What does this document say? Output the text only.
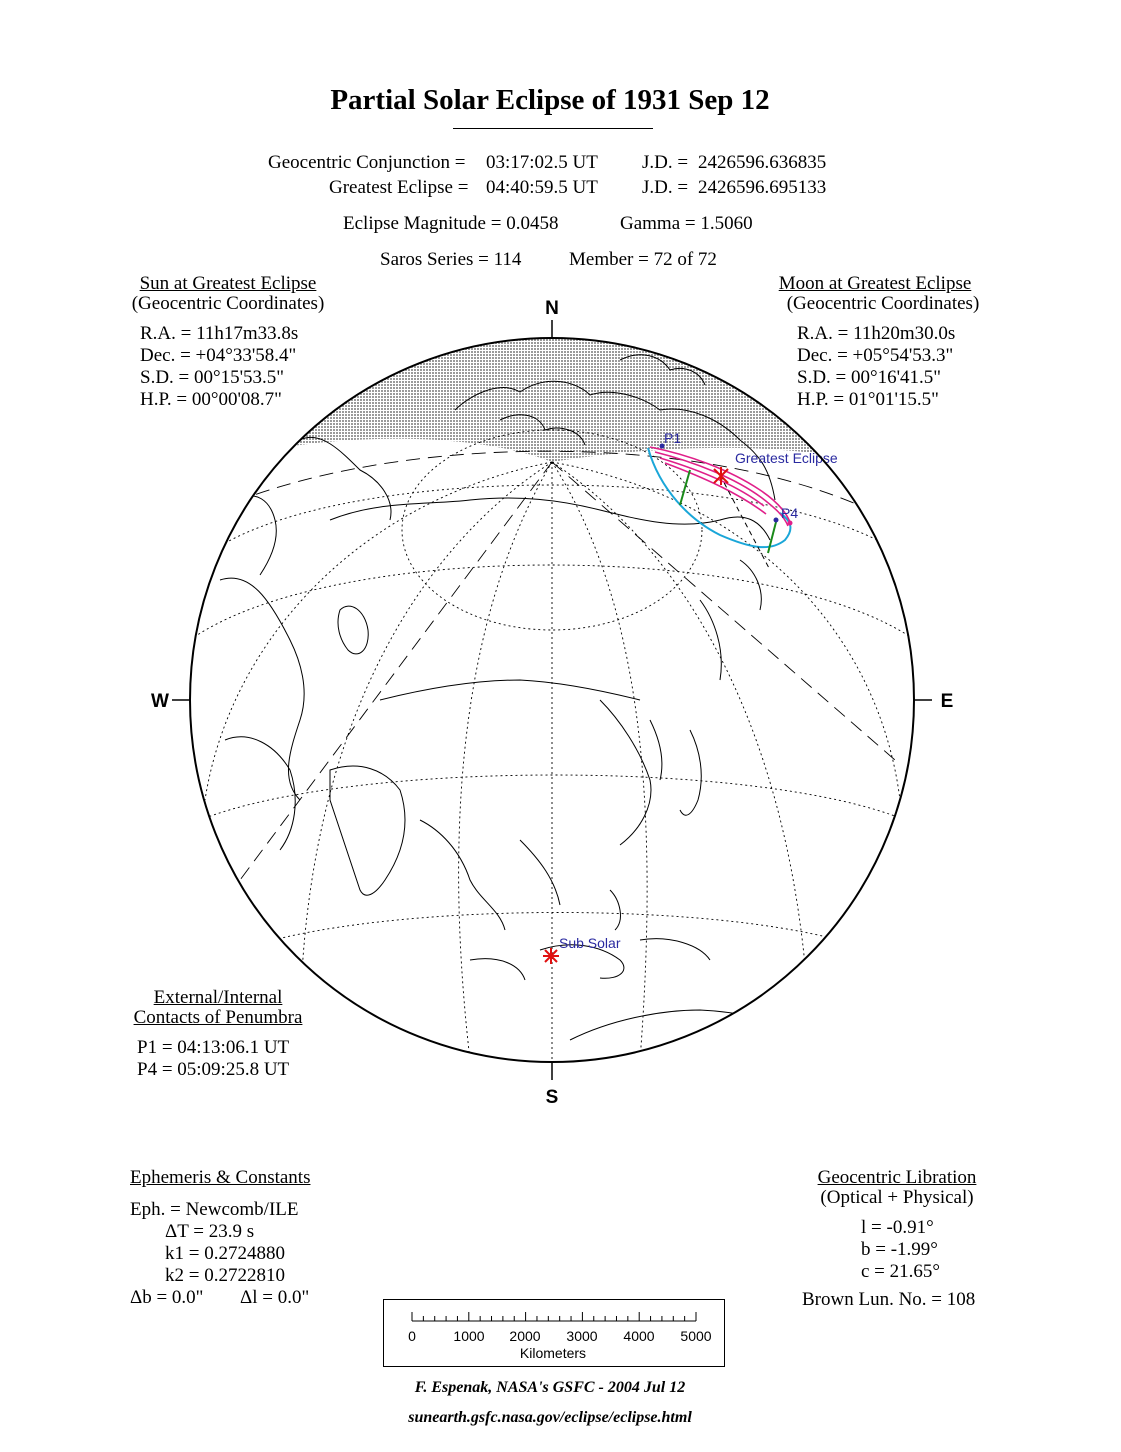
Partial Solar Eclipse of 1931 Sep 12
Geocentric Conjunction = 03:17:02.5 UT J.D. = 2426596.636835
Greatest Eclipse = 04:40:59.5 UT J.D. = 2426596.695133
Eclipse Magnitude = 0.0458	Gamma = 1.5060
Saros Series = 114	Member = 72 of 72
Sun at Greatest Eclipse
(Geocentric Coordinates)
R.A. = 11h17m33.8s
Dec. = +04°33'58.4"
S.D. = 00°15'53.5"
H.P. = 00°00'08.7"
Moon at Greatest Eclipse
(Geocentric Coordinates)
R.A. = 11h20m30.0s
Dec. = +05°54'53.3"
S.D. = 00°16'41.5"
H.P. = 01°01'15.5"
P1
P4
Greatest Eclipse
Sub Solar
N
S
W	E
External/Internal
Contacts of Penumbra
P1 = 04:13:06.1 UT
P4 = 05:09:25.8 UT
Ephemeris & Constants
Eph. = Newcomb/ILE
ΔT = 23.9 s
k1 = 0.2724880
k2 = 0.2722810
Δb = 0.0" Δl = 0.0"
Geocentric Libration
(Optical + Physical)
l = -0.91°
b = -1.99°
c = 21.65°
Brown Lun. No. = 108
0	1000 2000 3000 4000 5000
Kilometers
F. Espenak, NASA's GSFC - 2004 Jul 12
sunearth.gsfc.nasa.gov/eclipse/eclipse.html
